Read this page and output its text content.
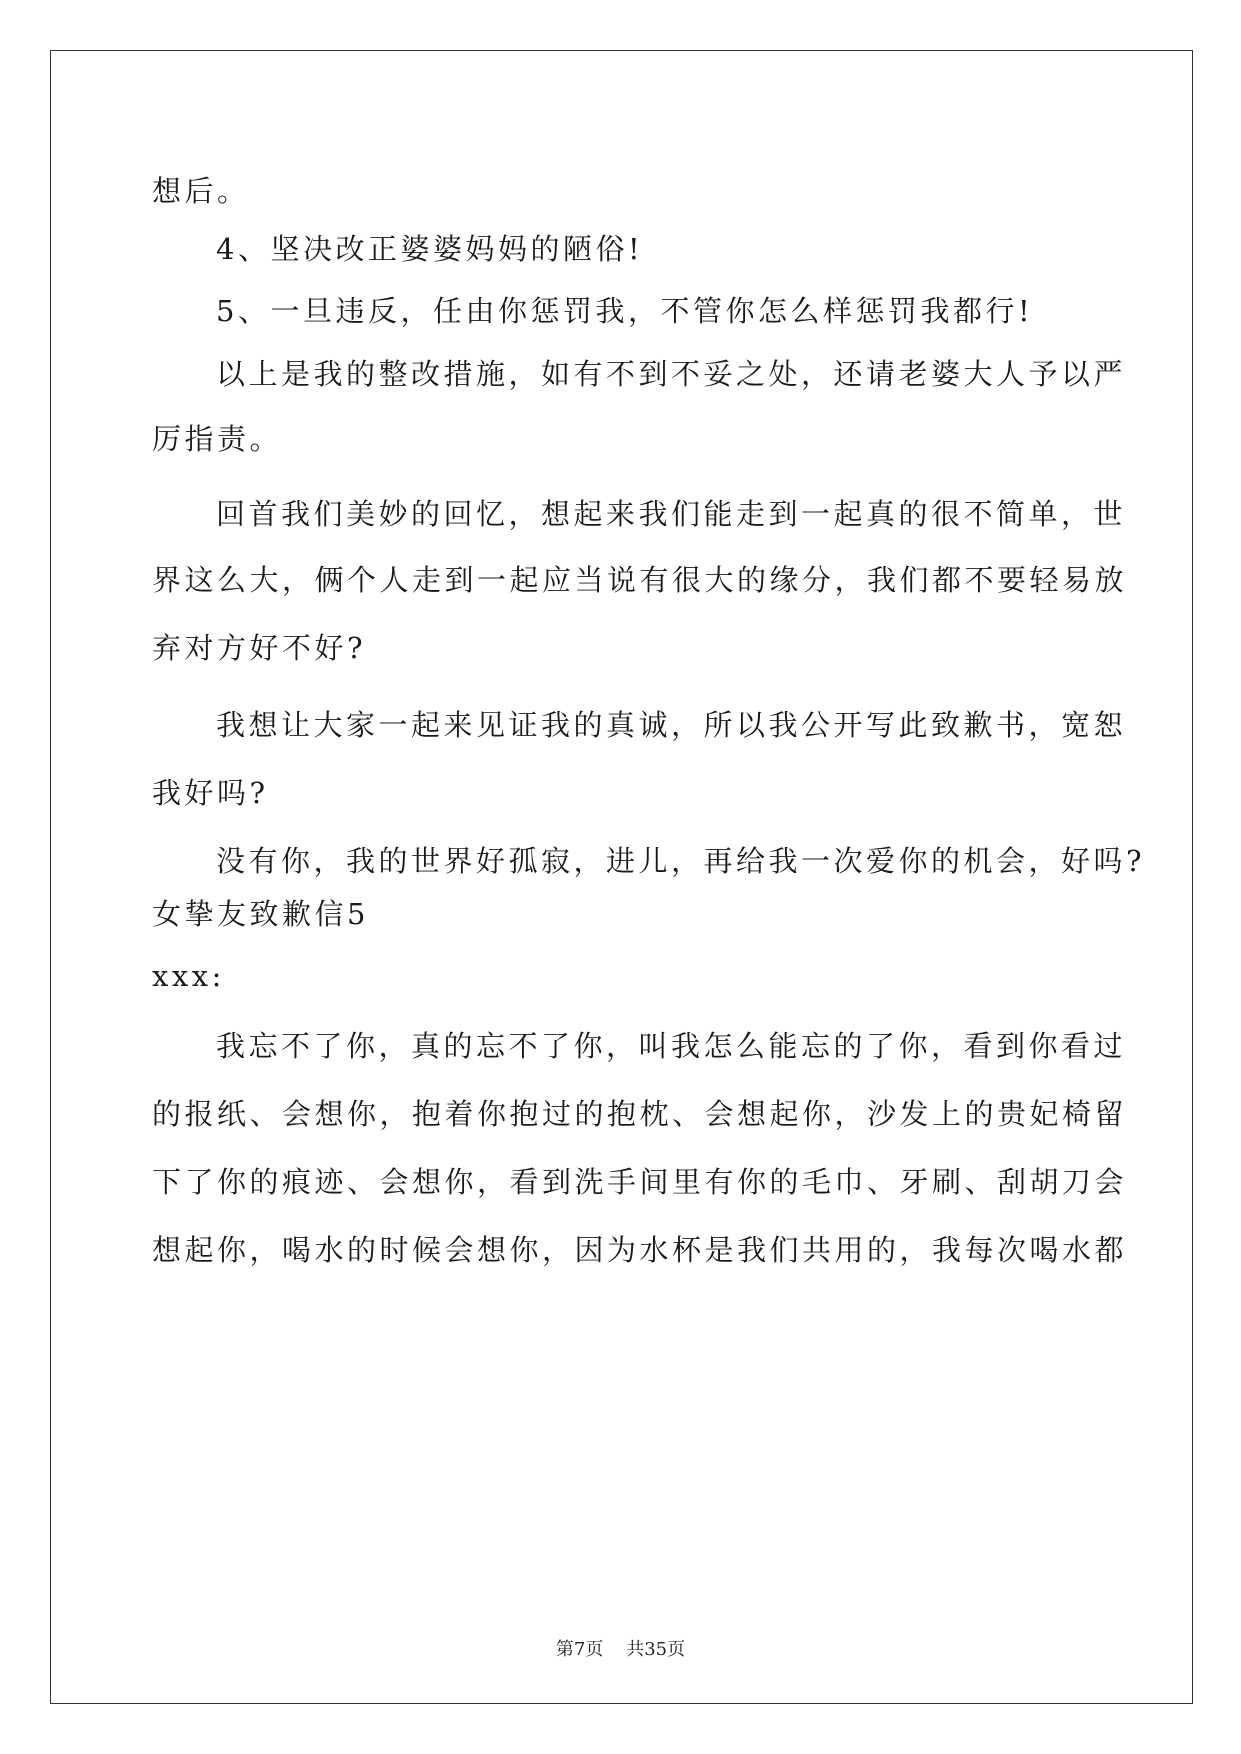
想后。

4、坚决改正婆婆妈妈的陋俗!

5、一旦违反，任由你惩罚我，不管你怎么样惩罚我都行!

以上是我的整改措施，如有不到不妥之处，还请老婆大人予以严

厉指责。

回首我们美妙的回忆，想起来我们能走到一起真的很不简单，世

界这么大，俩个人走到一起应当说有很大的缘分，我们都不要轻易放

弃对方好不好?

我想让大家一起来见证我的真诚，所以我公开写此致歉书，宽恕

我好吗?

没有你，我的世界好孤寂，进儿，再给我一次爱你的机会，好吗?

女挚友致歉信5

xxx:

我忘不了你，真的忘不了你，叫我怎么能忘的了你，看到你看过

的报纸、会想你，抱着你抱过的抱枕、会想起你，沙发上的贵妃椅留

下了你的痕迹、会想你，看到洗手间里有你的毛巾、牙刷、刮胡刀会

想起你，喝水的时候会想你，因为水杯是我们共用的，我每次喝水都

第7页    共35页
